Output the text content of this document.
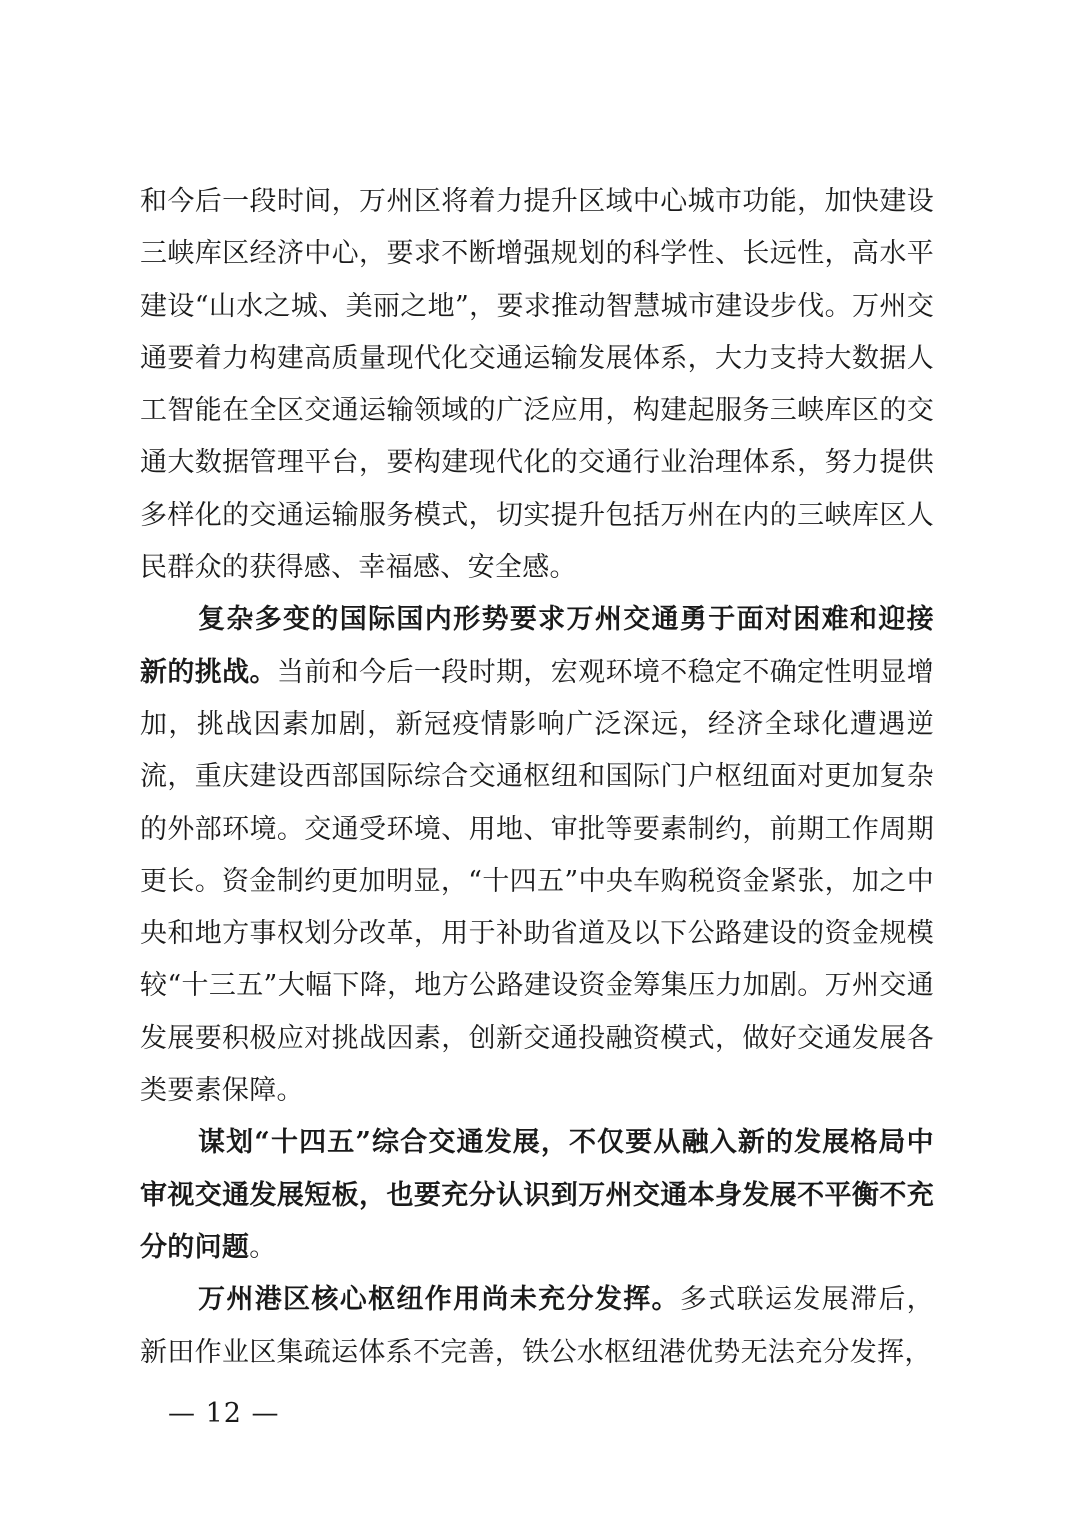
和今后一段时间，万州区将着力提升区域中心城市功能，加快建设三峡库区经济中心，要求不断增强规划的科学性、长远性，高水平建设“山水之城、美丽之地”，要求推动智慧城市建设步伐。万州交通要着力构建高质量现代化交通运输发展体系，大力支持大数据人工智能在全区交通运输领域的广泛应用，构建起服务三峡库区的交通大数据管理平台，要构建现代化的交通行业治理体系，努力提供多样化的交通运输服务模式，切实提升包括万州在内的三峡库区人民群众的获得感、幸福感、安全感。

复杂多变的国际国内形势要求万州交通勇于面对困难和迎接新的挑战。当前和今后一段时期，宏观环境不稳定不确定性明显增加，挑战因素加剧，新冠疫情影响广泛深远，经济全球化遭遇逆流，重庆建设西部国际综合交通枢纽和国际门户枢纽面对更加复杂的外部环境。交通受环境、用地、审批等要素制约，前期工作周期更长。资金制约更加明显，“十四五”中央车购税资金紧张，加之中央和地方事权划分改革，用于补助省道及以下公路建设的资金规模较“十三五”大幅下降，地方公路建设资金筹集压力加剧。万州交通发展要积极应对挑战因素，创新交通投融资模式，做好交通发展各类要素保障。

谋划“十四五”综合交通发展，不仅要从融入新的发展格局中审视交通发展短板，也要充分认识到万州交通本身发展不平衡不充分的问题。

万州港区核心枢纽作用尚未充分发挥。多式联运发展滞后，新田作业区集疏运体系不完善，铁公水枢纽港优势无法充分发挥，

— 12 —
